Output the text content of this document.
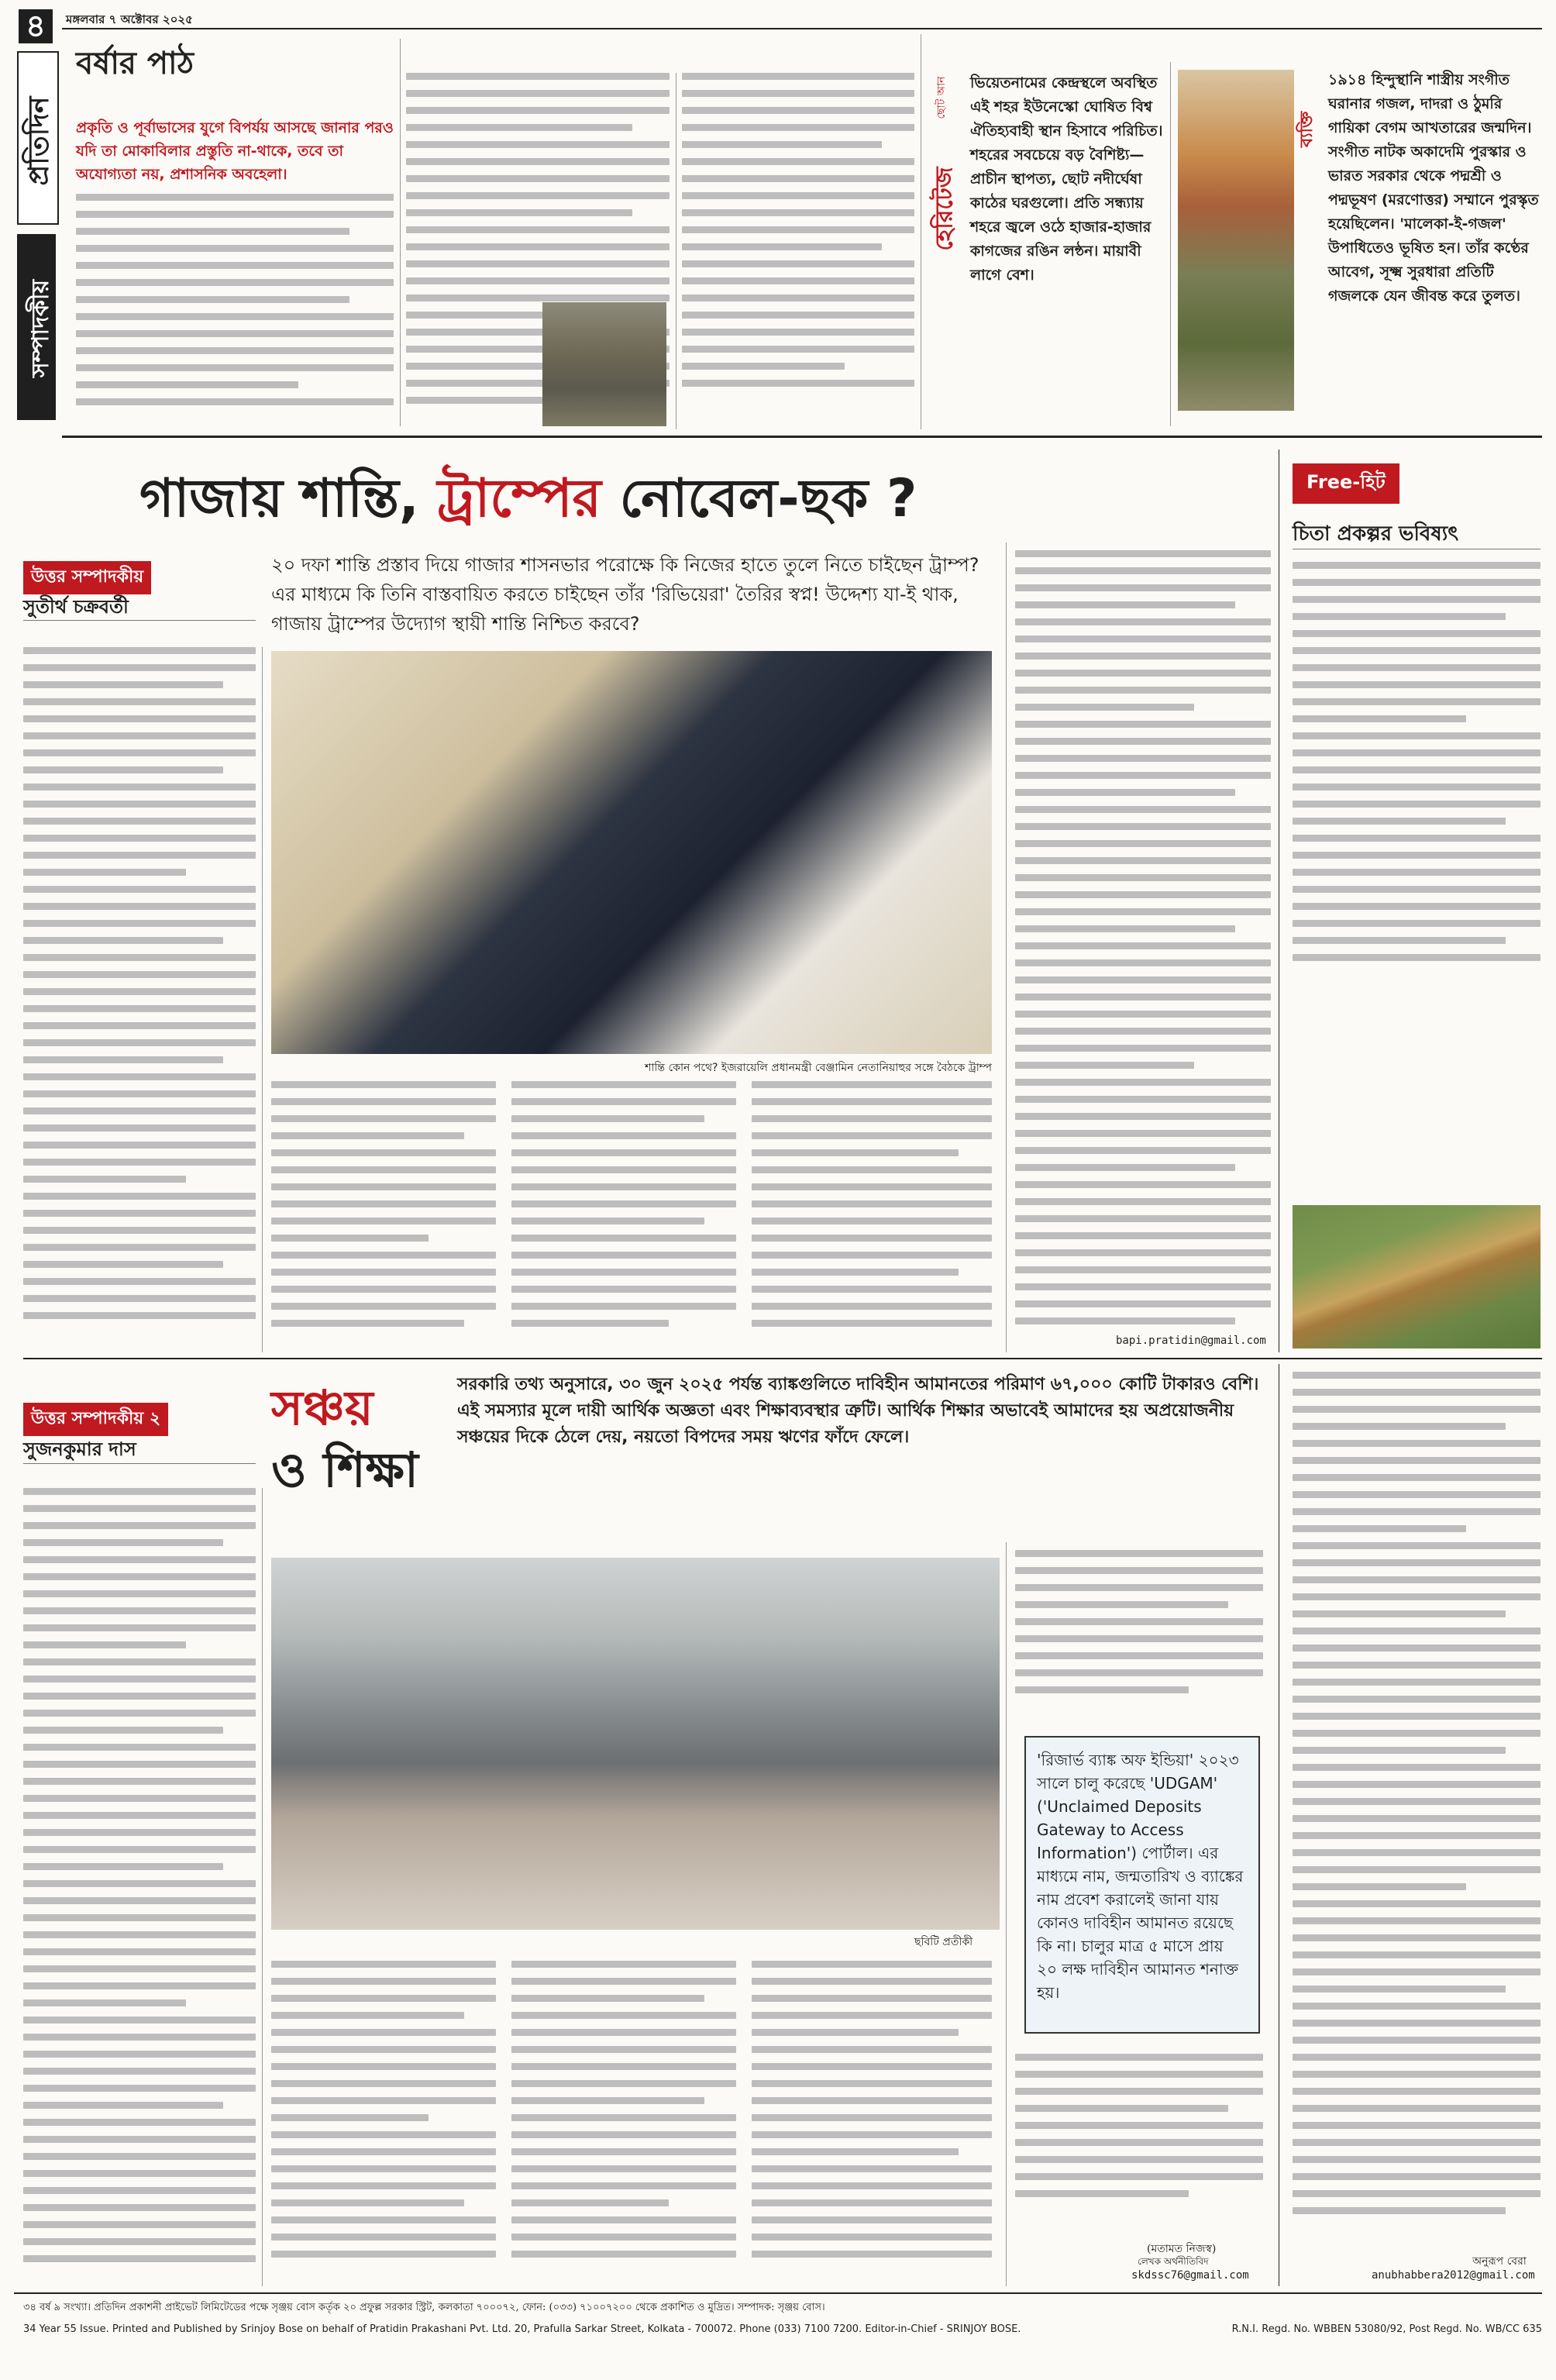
৪
প্রতিদিন
সম্পাদকীয়
মঙ্গলবার ৭ অক্টোবর ২০২৫
বর্ষার পাঠ
প্রকৃতি ও পূর্বাভাসের যুগে বিপর্যয় আসছে জানার পরও যদি তা মোকাবিলার প্রস্তুতি না-থাকে, তবে তা অযোগ্যতা নয়, প্রশাসনিক অবহেলা।
ছোট আন
হেরিটেজ
ভিয়েতনামের কেন্দ্রস্থলে অবস্থিত এই শহর ইউনেস্কো ঘোষিত বিশ্ব ঐতিহ্যবাহী স্থান হিসাবে পরিচিত। শহরের সবচেয়ে বড় বৈশিষ্ট্য— প্রাচীন স্থাপত্য, ছোট নদীর্ঘেষা কাঠের ঘরগুলো। প্রতি সন্ধ্যায় শহরে জ্বলে ওঠে হাজার-হাজার কাগজের রঙিন লন্ঠন। মায়াবী লাগে বেশ।
ব্যক্তি
১৯১৪ হিন্দুস্থানি শাস্ত্রীয় সংগীত ঘরানার গজল, দাদরা ও ঠুমরি গায়িকা বেগম আখতারের জন্মদিন। সংগীত নাটক অকাদেমি পুরস্কার ও ভারত সরকার থেকে পদ্মশ্রী ও পদ্মভূষণ (মরণোত্তর) সম্মানে পুরস্কৃত হয়েছিলেন। 'মালেকা-ই-গজল' উপাধিতেও ভূষিত হন। তাঁর কণ্ঠের আবেগ, সূক্ষ্ম সুরধারা প্রতিটি গজলকে যেন জীবন্ত করে তুলত।
গাজায় শান্তি, ট্রাম্পের নোবেল-ছক ?
উত্তর সম্পাদকীয়
সুতীর্থ চক্রবর্তী
২০ দফা শান্তি প্রস্তাব দিয়ে গাজার শাসনভার পরোক্ষে কি নিজের হাতে তুলে নিতে চাইছেন ট্রাম্প? এর মাধ্যমে কি তিনি বাস্তবায়িত করতে চাইছেন তাঁর 'রিভিয়েরা' তৈরির স্বপ্ন! উদ্দেশ্য যা-ই থাক, গাজায় ট্রাম্পের উদ্যোগ স্থায়ী শান্তি নিশ্চিত করবে?
শান্তি কোন পথে? ইজরায়েলি প্রধানমন্ত্রী বেঞ্জামিন নেতানিয়াহুর সঙ্গে বৈঠকে ট্রাম্প
bapi.pratidin@gmail.com
Free-হিট
চিতা প্রকল্পর ভবিষ্যৎ
উত্তর সম্পাদকীয় ২
সুজনকুমার দাস
সঞ্চয়
ও শিক্ষা
সরকারি তথ্য অনুসারে, ৩০ জুন ২০২৫ পর্যন্ত ব্যাঙ্কগুলিতে দাবিহীন আমানতের পরিমাণ ৬৭,০০০ কোটি টাকারও বেশি। এই সমস্যার মূলে দায়ী আর্থিক অজ্ঞতা এবং শিক্ষাব্যবস্থার ত্রুটি। আর্থিক শিক্ষার অভাবেই আমাদের হয় অপ্রয়োজনীয় সঞ্চয়ের দিকে ঠেলে দেয়, নয়তো বিপদের সময় ঋণের ফাঁদে ফেলে।
ছবিটি প্রতীকী
'রিজার্ভ ব্যাঙ্ক অফ ইন্ডিয়া' ২০২৩ সালে চালু করেছে 'UDGAM' ('Unclaimed Deposits Gateway to Access Information') পোর্টাল। এর মাধ্যমে নাম, জন্মতারিখ ও ব্যাঙ্কের নাম প্রবেশ করালেই জানা যায় কোনও দাবিহীন আমানত রয়েছে কি না। চালুর মাত্র ৫ মাসে প্রায় ২০ লক্ষ দাবিহীন আমানত শনাক্ত হয়।
(মতামত নিজস্ব)
লেখক অর্থনীতিবিদ
skdssc76@gmail.com
অনুরূপ বেরা
anubhabbera2012@gmail.com
৩৪ বর্ষ ৯ সংখ্যা। প্রতিদিন প্রকাশনী প্রাইভেট লিমিটেডের পক্ষে সৃঞ্জয় বোস কর্তৃক ২০ প্রফুল্ল সরকার স্ট্রিট, কলকাতা ৭০০০৭২, ফোন: (০৩৩) ৭১০০৭২০০ থেকে প্রকাশিত ও মুদ্রিত। সম্পাদক: সৃঞ্জয় বোস।
34 Year 55 Issue. Printed and Published by Srinjoy Bose on behalf of Pratidin Prakashani Pvt. Ltd. 20, Prafulla Sarkar Street, Kolkata - 700072. Phone (033) 7100 7200. Editor-in-Chief - SRINJOY BOSE.	R.N.I. Regd. No. WBBEN 53080/92, Post Regd. No. WB/CC 635
